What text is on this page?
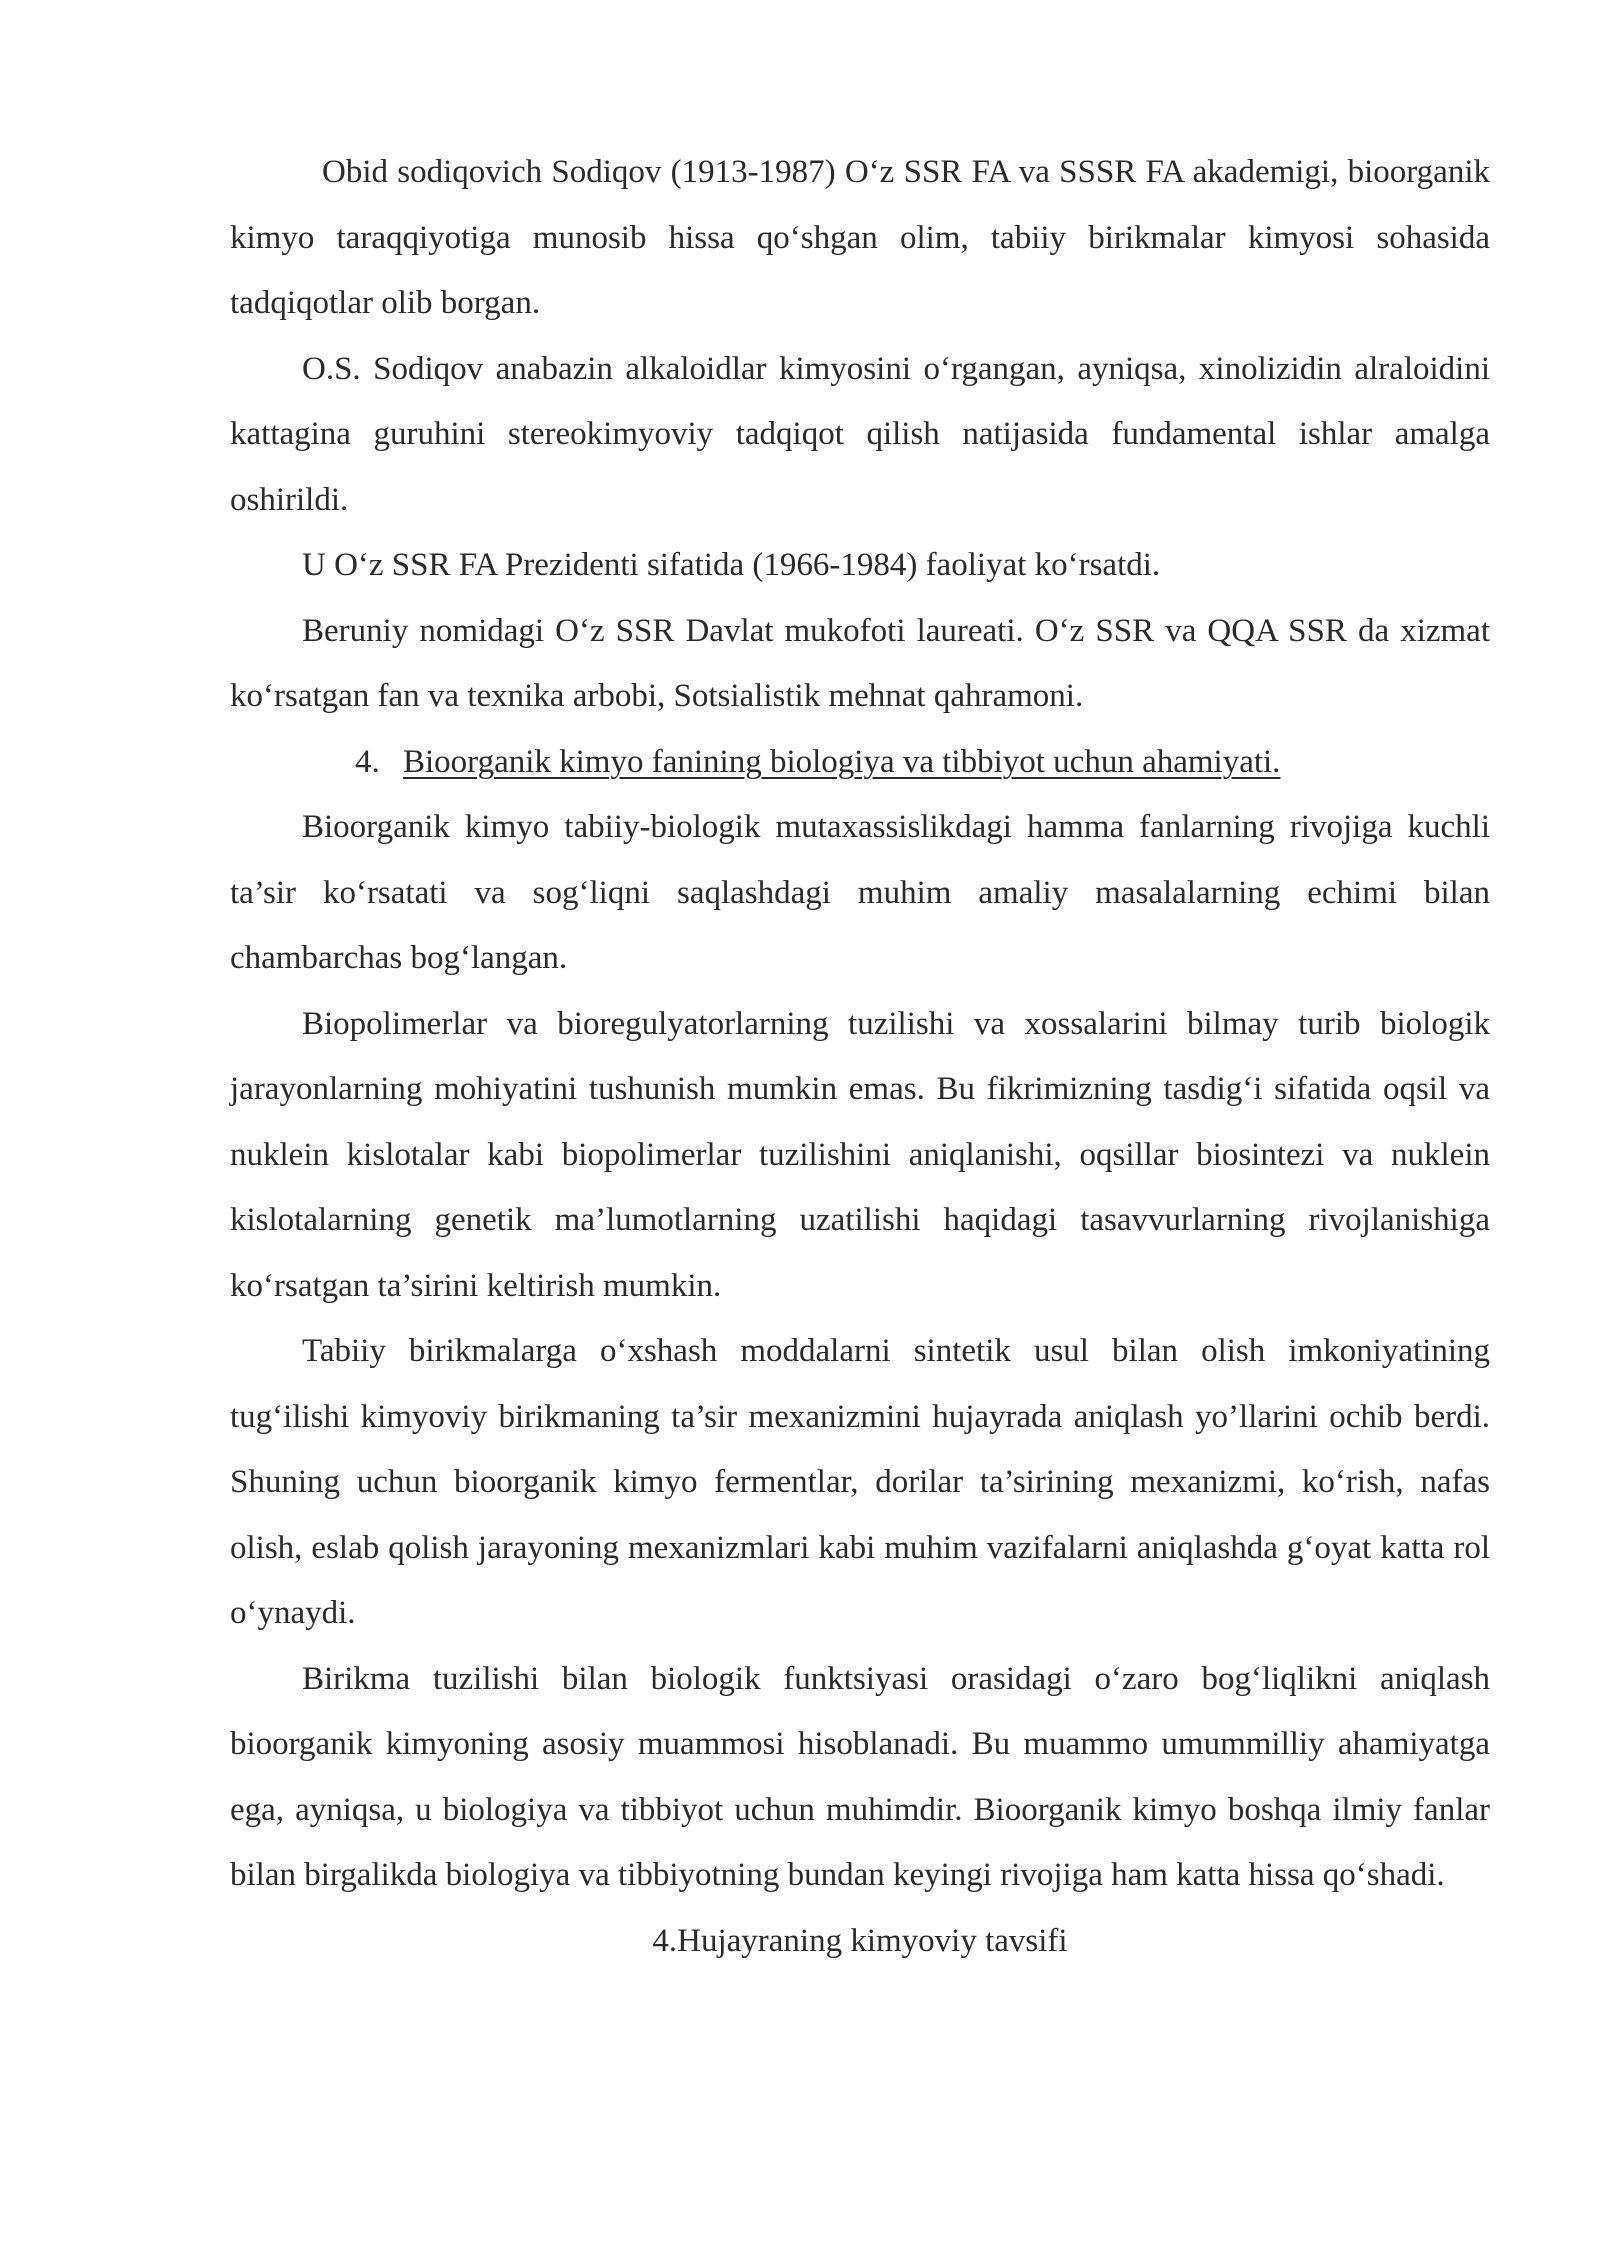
Obid sodiqovich Sodiqov (1913-1987) O‘z SSR FA va SSSR FA akademigi, bioorganik kimyo taraqqiyotiga munosib hissa qo‘shgan olim, tabiiy birikmalar kimyosi sohasida tadqiqotlar olib borgan.

O.S. Sodiqov anabazin alkaloidlar kimyosini o‘rgangan, ayniqsa, xinolizidin alraloidini kattagina guruhini stereokimyoviy tadqiqot qilish natijasida fundamental ishlar amalga oshirildi.

U O‘z SSR FA Prezidenti sifatida (1966-1984) faoliyat ko‘rsatdi.

Beruniy nomidagi O‘z SSR Davlat mukofoti laureati. O‘z SSR va QQA SSR da xizmat ko‘rsatgan fan va texnika arbobi, Sotsialistik mehnat qahramoni.

4. Bioorganik kimyo fanining biologiya va tibbiyot uchun ahamiyati.

Bioorganik kimyo tabiiy-biologik mutaxassislikdagi hamma fanlarning rivojiga kuchli ta’sir ko‘rsatati va sog‘liqni saqlashdagi muhim amaliy masalalarning echimi bilan chambarchas bog‘langan.

Biopolimerlar va bioregulyatorlarning tuzilishi va xossalarini bilmay turib biologik jarayonlarning mohiyatini tushunish mumkin emas. Bu fikrimizning tasdig‘i sifatida oqsil va nuklein kislotalar kabi biopolimerlar tuzilishini aniqlanishi, oqsillar biosintezi va nuklein kislotalarning genetik ma’lumotlarning uzatilishi haqidagi tasavvurlarning rivojlanishiga ko‘rsatgan ta’sirini keltirish mumkin.

Tabiiy birikmalarga o‘xshash moddalarni sintetik usul bilan olish imkoniyatining tug‘ilishi kimyoviy birikmaning ta’sir mexanizmini hujayrada aniqlash yo’llarini ochib berdi. Shuning uchun bioorganik kimyo fermentlar, dorilar ta’sirining mexanizmi, ko‘rish, nafas olish, eslab qolish jarayoning mexanizmlari kabi muhim vazifalarni aniqlashda g‘oyat katta rol o‘ynaydi.

Birikma tuzilishi bilan biologik funktsiyasi orasidagi o‘zaro bog‘liqlikni aniqlash bioorganik kimyoning asosiy muammosi hisoblanadi. Bu muammo umummilliy ahamiyatga ega, ayniqsa, u biologiya va tibbiyot uchun muhimdir. Bioorganik kimyo boshqa ilmiy fanlar bilan birgalikda biologiya va tibbiyotning bundan keyingi rivojiga ham katta hissa qo‘shadi.

4.Hujayraning kimyoviy tavsifi
